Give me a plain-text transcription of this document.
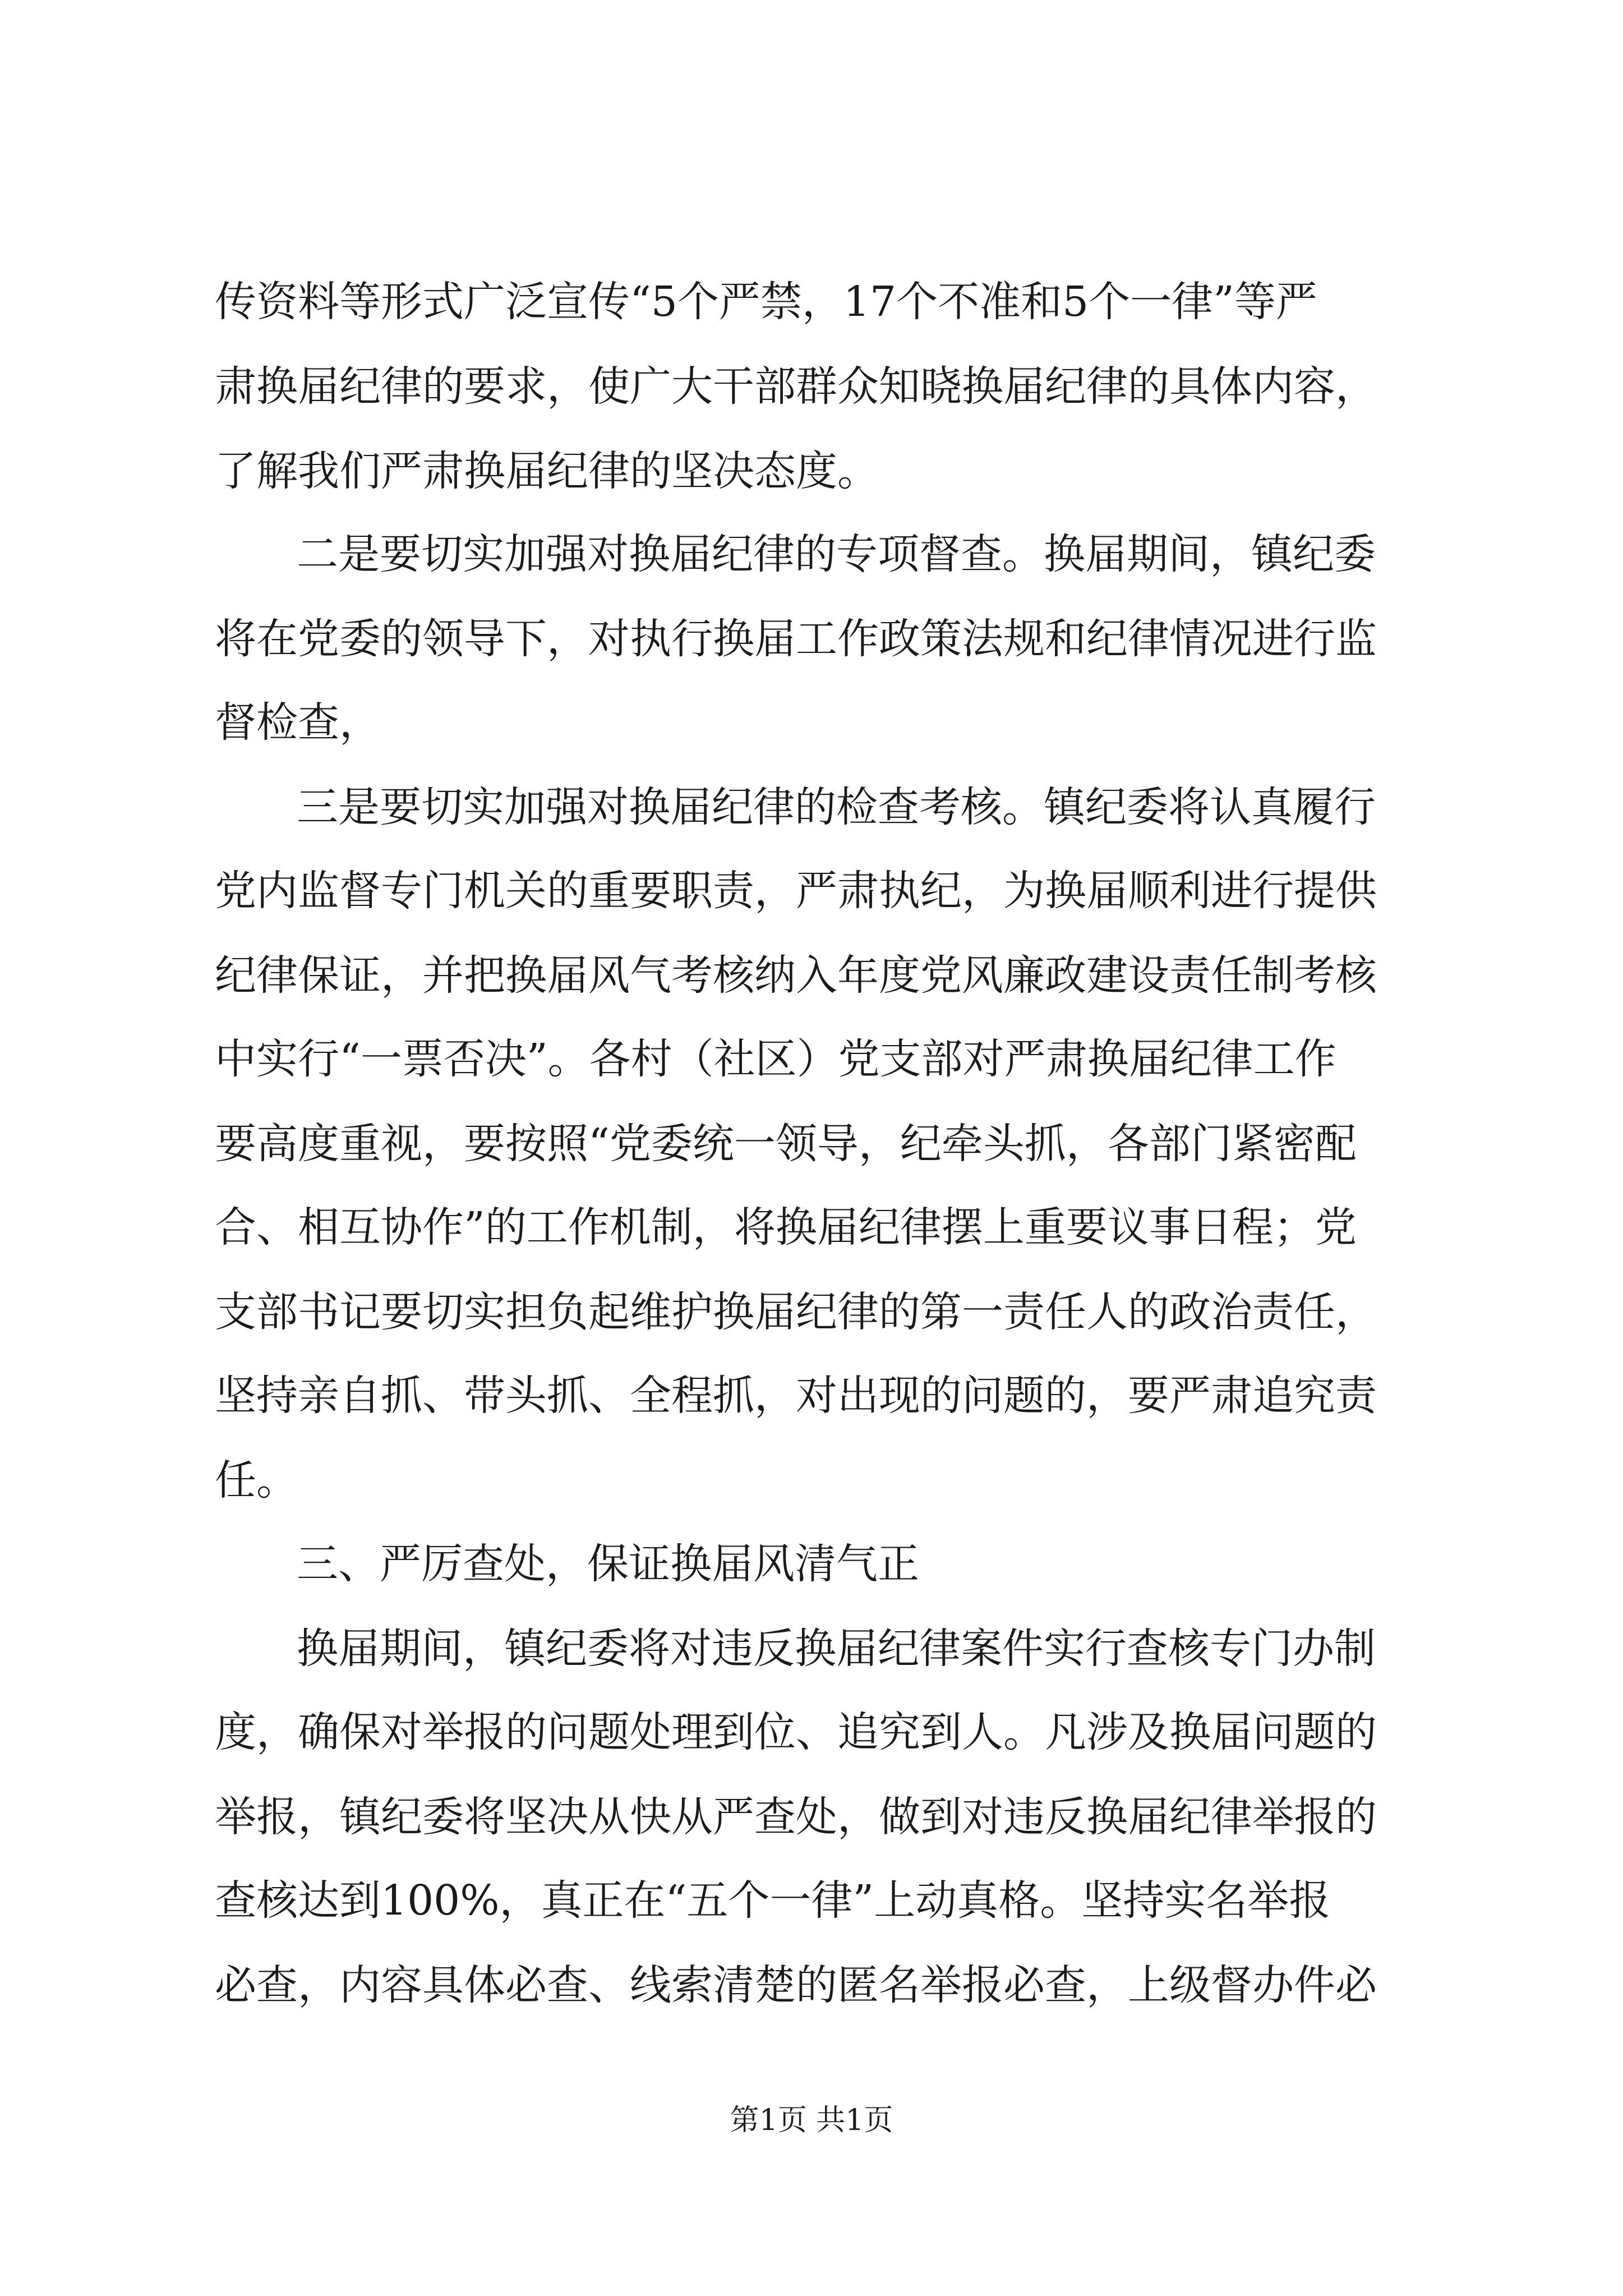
传资料等形式广泛宣传“5个严禁，17个不准和5个一律”等严
肃换届纪律的要求，使广大干部群众知晓换届纪律的具体内容，
了解我们严肃换届纪律的坚决态度。
二是要切实加强对换届纪律的专项督查。换届期间，镇纪委
将在党委的领导下，对执行换届工作政策法规和纪律情况进行监
督检查，
三是要切实加强对换届纪律的检查考核。镇纪委将认真履行
党内监督专门机关的重要职责，严肃执纪，为换届顺利进行提供
纪律保证，并把换届风气考核纳入年度党风廉政建设责任制考核
中实行“一票否决”。各村（社区）党支部对严肃换届纪律工作
要高度重视，要按照“党委统一领导，纪牵头抓，各部门紧密配
合、相互协作”的工作机制，将换届纪律摆上重要议事日程；党
支部书记要切实担负起维护换届纪律的第一责任人的政治责任，
坚持亲自抓、带头抓、全程抓，对出现的问题的，要严肃追究责
任。
三、严厉查处，保证换届风清气正
换届期间，镇纪委将对违反换届纪律案件实行查核专门办制
度，确保对举报的问题处理到位、追究到人。凡涉及换届问题的
举报，镇纪委将坚决从快从严查处，做到对违反换届纪律举报的
查核达到100%，真正在“五个一律”上动真格。坚持实名举报
必查，内容具体必查、线索清楚的匿名举报必查，上级督办件必
第1页 共1页
